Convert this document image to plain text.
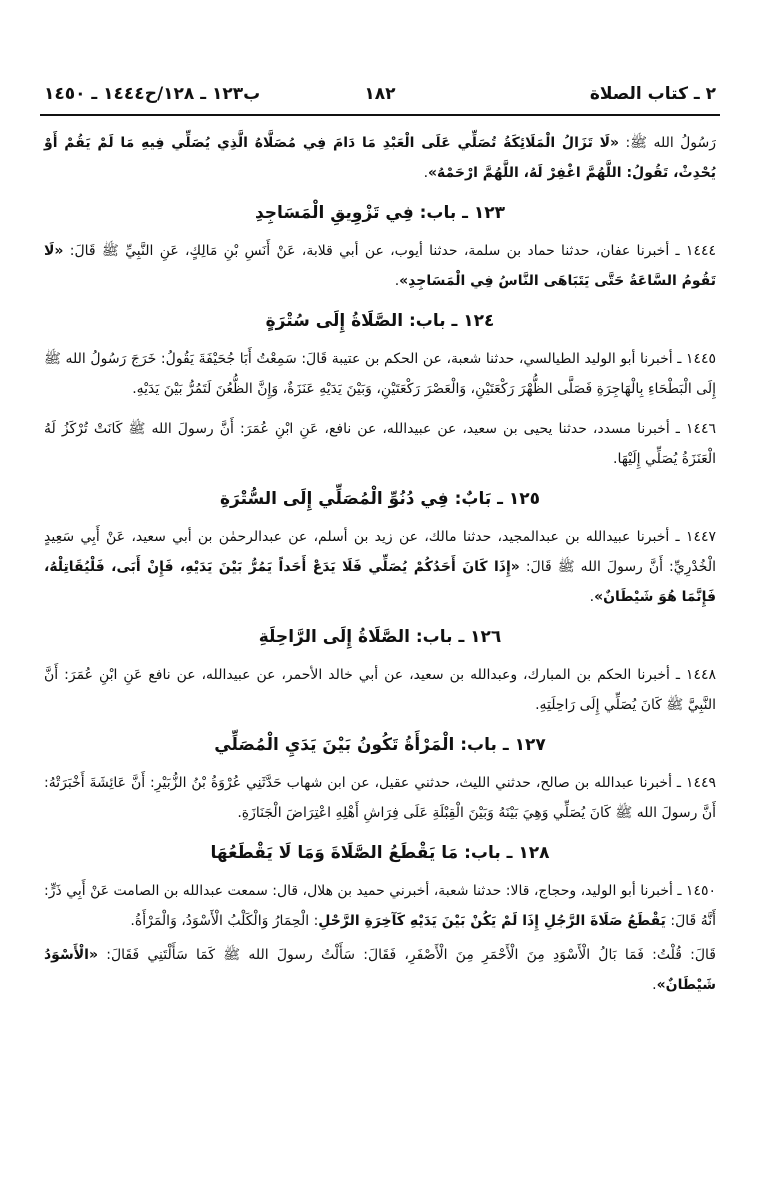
٢ ـ كتاب الصلاة
١٨٢
ب١٢٣ ـ ١٢٨/ح١٤٤٤ ـ ١٤٥٠

رَسُولُ الله ﷺ: «لَا تَزَالُ الْمَلَائِكَةُ تُصَلِّي عَلَى الْعَبْدِ مَا دَامَ فِي مُصَلَّاهُ الَّذِي يُصَلِّي فِيهِ مَا لَمْ يَقُمْ أَوْ يُحْدِثْ، تَقُولُ: اللَّهُمَّ اغْفِرْ لَهُ، اللَّهُمَّ ارْحَمْهُ».

١٢٣ ـ باب: فِي تَزْوِيقِ الْمَسَاجِدِ

١٤٤٤ ـ أخبرنا عفان، حدثنا حماد بن سلمة، حدثنا أيوب، عن أبي قلابة، عَنْ أَنَسِ بْنِ مَالِكٍ، عَنِ النَّبِيِّ ﷺ قَالَ: «لَا تَقُومُ السَّاعَةُ حَتَّى يَتَبَاهَى النَّاسُ فِي الْمَسَاجِدِ».

١٢٤ ـ باب: الصَّلَاةُ إِلَى سُتْرَةٍ

١٤٤٥ ـ أخبرنا أبو الوليد الطيالسي، حدثنا شعبة، عن الحكم بن عتيبة قَالَ: سَمِعْتُ أَبَا جُحَيْفَةَ يَقُولُ: خَرَجَ رَسُولُ الله ﷺ إِلَى الْبَطْحَاءِ بِالْهَاجِرَةِ فَصَلَّى الظُّهْرَ رَكْعَتَيْنِ، وَالْعَصْرَ رَكْعَتَيْنِ، وَبَيْنَ يَدَيْهِ عَنَزَةٌ، وَإِنَّ الظُّعُنَ لَتَمُرُّ بَيْنَ يَدَيْهِ.

١٤٤٦ ـ أخبرنا مسدد، حدثنا يحيى بن سعيد، عن عبيدالله، عن نافع، عَنِ ابْنِ عُمَرَ: أَنَّ رسولَ الله ﷺ كَانَتْ تُرْكَزُ لَهُ الْعَنَزَةُ يُصَلِّي إِلَيْهَا.

١٢٥ ـ بَابٌ: فِي دُنُوِّ الْمُصَلِّي إِلَى السُّتْرَةِ

١٤٤٧ ـ أخبرنا عبيدالله بن عبدالمجيد، حدثنا مالك، عن زيد بن أسلم، عن عبدالرحمٰن بن أبي سعيد، عَنْ أَبِي سَعِيدٍ الْخُدْرِيِّ: أَنَّ رسولَ الله ﷺ قَالَ: «إِذَا كَانَ أَحَدُكُمْ يُصَلِّي فَلَا يَدَعْ أَحَداً يَمُرُّ بَيْنَ يَدَيْهِ، فَإِنْ أَبَى، فَلْيُقَاتِلْهُ، فَإِنَّمَا هُوَ شَيْطَانٌ».

١٢٦ ـ باب: الصَّلَاةُ إِلَى الرَّاحِلَةِ

١٤٤٨ ـ أخبرنا الحكم بن المبارك، وعبدالله بن سعيد، عن أبي خالد الأحمر، عن عبيدالله، عن نافع عَنِ ابْنِ عُمَرَ: أَنَّ النَّبِيَّ ﷺ كَانَ يُصَلِّي إِلَى رَاحِلَتِهِ.

١٢٧ ـ باب: الْمَرْأَةُ تَكُونُ بَيْنَ يَدَيِ الْمُصَلِّي

١٤٤٩ ـ أخبرنا عبدالله بن صالح، حدثني الليث، حدثني عقيل، عن ابن شهاب حَدَّثَنِي عُرْوَةُ بْنُ الزُّبَيْرِ: أَنَّ عَائِشَةَ أَخْبَرَتْهُ: أَنَّ رسولَ الله ﷺ كَانَ يُصَلِّي وَهِيَ بَيْنَهُ وَبَيْنَ الْقِبْلَةِ عَلَى فِرَاشِ أَهْلِهِ اعْتِرَاضَ الْجَنَازَةِ.

١٢٨ ـ باب: مَا يَقْطَعُ الصَّلَاةَ وَمَا لَا يَقْطَعُهَا

١٤٥٠ ـ أخبرنا أبو الوليد، وحجاج، قالا: حدثنا شعبة، أخبرني حميد بن هلال، قال: سمعت عبدالله بن الصامت عَنْ أَبِي ذَرٍّ: أَنَّهُ قَالَ: يَقْطَعُ صَلَاةَ الرَّجُلِ إِذَا لَمْ يَكُنْ بَيْنَ يَدَيْهِ كَآخِرَةِ الرَّحْلِ: الْحِمَارُ وَالْكَلْبُ الْأَسْوَدُ، وَالْمَرْأَةُ.

قَالَ: قُلْتُ: فَمَا بَالُ الْأَسْوَدِ مِنَ الْأَحْمَرِ مِنَ الْأَصْفَرِ، فَقَالَ: سَأَلْتُ رسولَ الله ﷺ كَمَا سَأَلْتَنِي فَقَالَ: «الْأَسْوَدُ شَيْطَانٌ».
